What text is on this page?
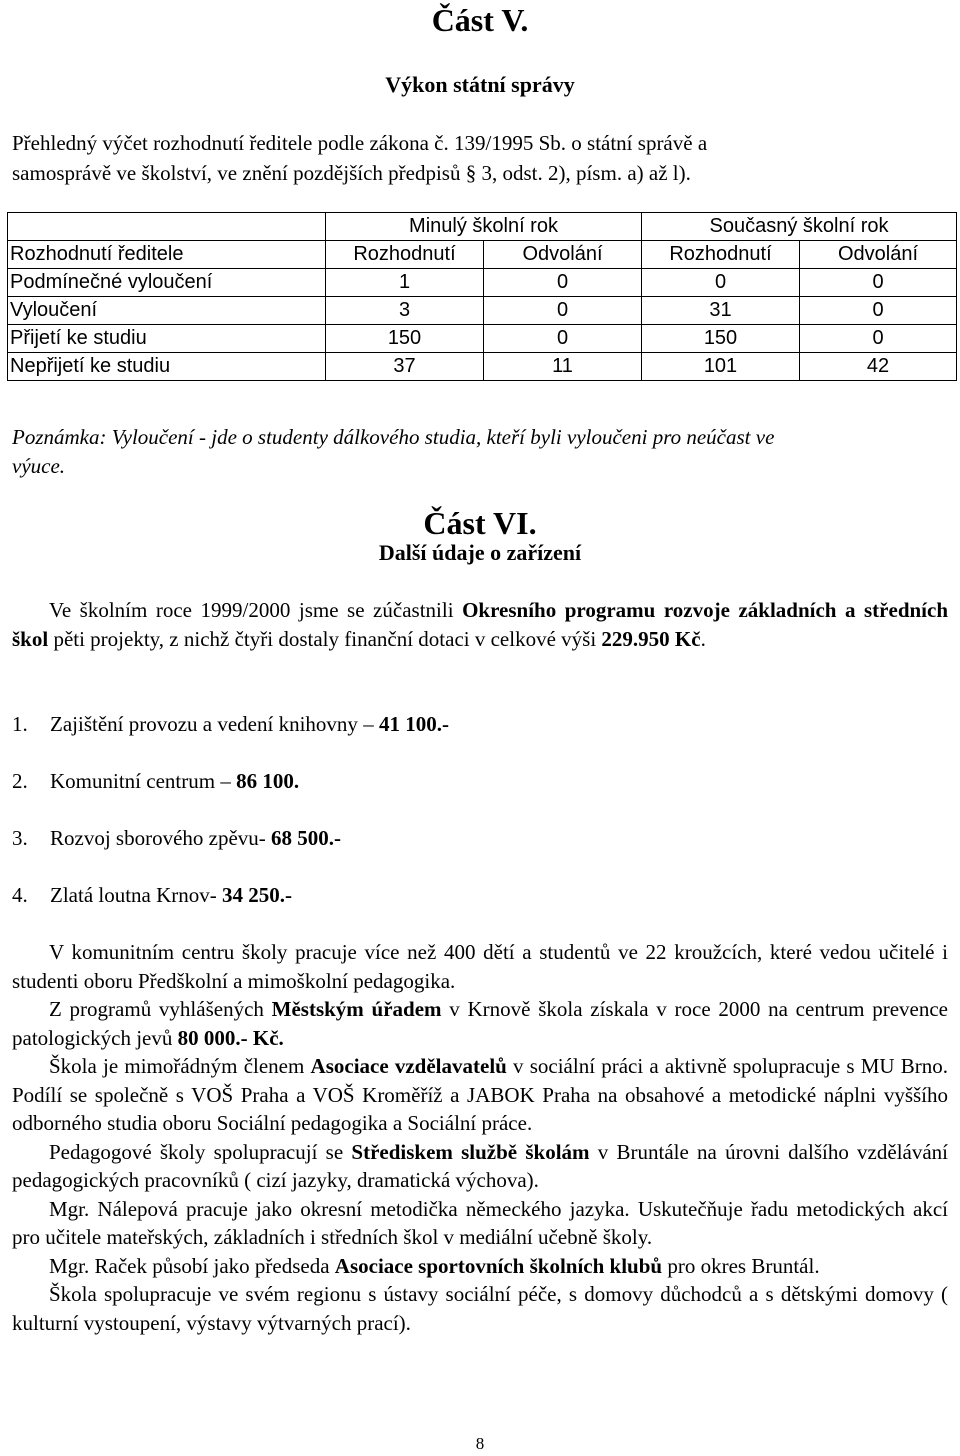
Část V.
Výkon státní správy
Přehledný výčet rozhodnutí ředitele podle zákona č. 139/1995 Sb. o státní správě a
samosprávě ve školství, ve znění pozdějších předpisů § 3, odst. 2), písm. a) až l).
	Minulý školní rok		Současný školní rok	
Rozhodnutí ředitele	Rozhodnutí	Odvolání	Rozhodnutí	Odvolání
Podmínečné vyloučení	1	0	0	0
Vyloučení	3	0	31	0
Přijetí ke studiu	150	0	150	0
Nepřijetí ke studiu	37	11	101	42
Poznámka: Vyloučení - jde o studenty dálkového studia, kteří byli vyloučeni pro neúčast ve
výuce.
Část VI.
Další údaje o zařízení

Ve školním roce 1999/2000 jsme se zúčastnili Okresního programu rozvoje základních a středních škol pěti projekty, z nichž čtyři dostaly finanční dotaci v celkové výši 229.950 Kč.

1. Zajištění provozu a vedení knihovny – 41 100.-
2. Komunitní centrum – 86 100.
3. Rozvoj sborového zpěvu- 68 500.-
4. Zlatá loutna Krnov- 34 250.-

V komunitním centru školy pracuje více než 400 dětí a studentů ve 22 kroužcích, které vedou učitelé i studenti oboru Předškolní a mimoškolní pedagogika.

Z programů vyhlášených Městským úřadem v Krnově škola získala v roce 2000 na centrum prevence patologických jevů 80 000.- Kč.

Škola je mimořádným členem Asociace vzdělavatelů v sociální práci a aktivně spolupracuje s MU Brno. Podílí se společně s VOŠ Praha a VOŠ Kroměříž a JABOK Praha na obsahové a metodické náplni vyššího odborného studia oboru Sociální pedagogika a Sociální práce.

Pedagogové školy spolupracují se Střediskem službě školám v Bruntále na úrovni dalšího vzdělávání pedagogických pracovníků ( cizí jazyky, dramatická výchova).

Mgr. Nálepová pracuje jako okresní metodička německého jazyka. Uskutečňuje řadu metodických akcí pro učitele mateřských, základních i středních škol v mediální učebně školy.

Mgr. Raček působí jako předseda Asociace sportovních školních klubů pro okres Bruntál.

Škola spolupracuje ve svém regionu s ústavy sociální péče, s domovy důchodců a s dětskými domovy ( kulturní vystoupení, výstavy výtvarných prací).

8
